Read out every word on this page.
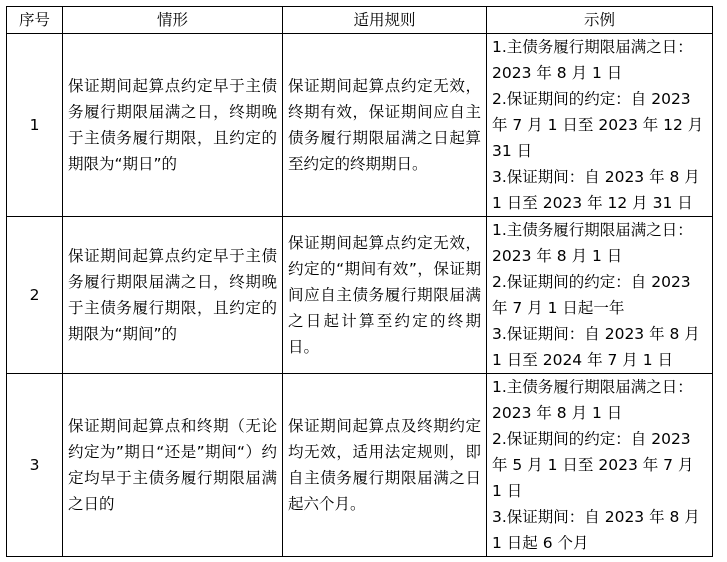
序号	情形	适用规则	示例
1	保证期间起算点约定早于主债务履行期限届满之日，终期晚于主债务履行期限，且约定的期限为“期日”的	保证期间起算点约定无效，终期有效，保证期间应自主债务履行期限届满之日起算至约定的终期期日。	1.主债务履行期限届满之日：2023 年 8 月 1 日
2.保证期间的约定：自 2023 年 7 月 1 日至 2023 年 12 月 31 日
3.保证期间：自 2023 年 8 月 1 日至 2023 年 12 月 31 日

2	保证期间起算点约定早于主债务履行期限届满之日，终期晚于主债务履行期限，且约定的期限为“期间”的	保证期间起算点约定无效，约定的“期间有效”，保证期间应自主债务履行期限届满之日起计算至约定的终期日。	1.主债务履行期限届满之日：2023 年 8 月 1 日
2.保证期间的约定：自 2023 年 7 月 1 日起一年
3.保证期间：自 2023 年 8 月 1 日至 2024 年 7 月 1 日

3	保证期间起算点和终期（无论约定为”期日“还是”期间“）约定均早于主债务履行期限届满之日的	保证期间起算点及终期约定均无效，适用法定规则，即自主债务履行期限届满之日起六个月。	1.主债务履行期限届满之日：2023 年 8 月 1 日
2.保证期间的约定：自 2023 年 5 月 1 日至 2023 年 7 月 1 日
3.保证期间：自 2023 年 8 月 1 日起 6 个月
